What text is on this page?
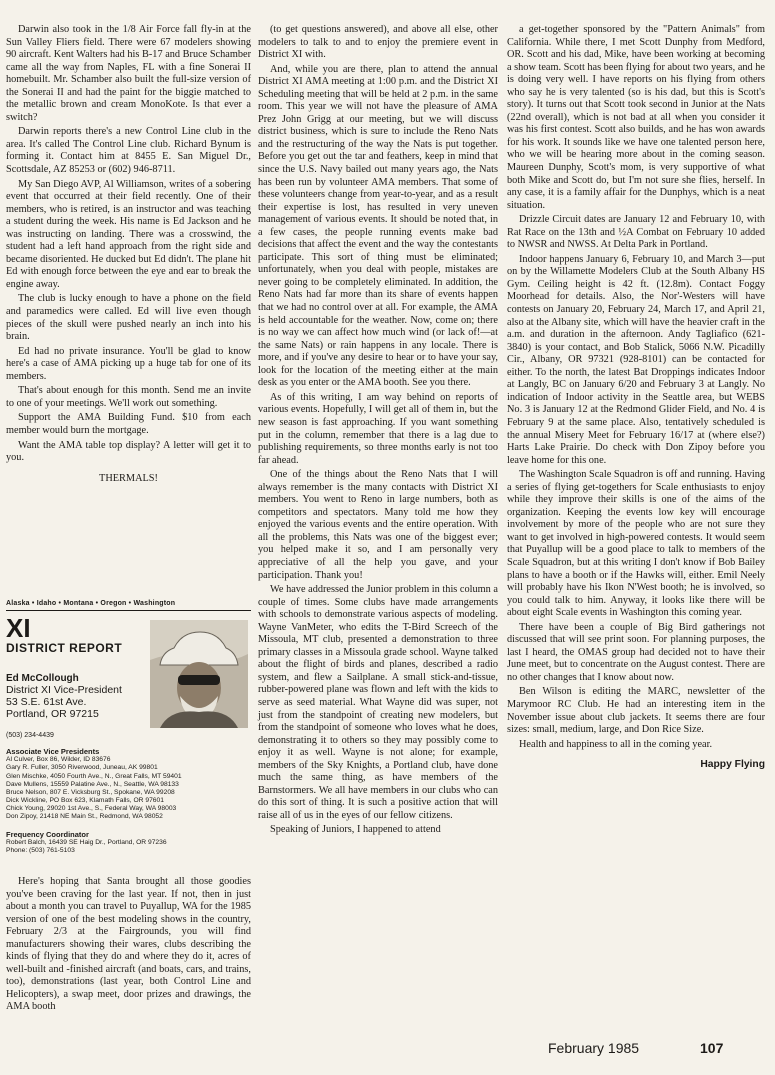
Darwin also took in the 1/8 Air Force fall fly-in at the Sun Valley Fliers field. There were 67 modelers showing 90 aircraft. Kent Walters had his B-17 and Bruce Schamber came all the way from Naples, FL with a fine Sonerai II homebuilt. Mr. Schamber also built the full-size version of the Sonerai II and had the paint for the biggie matched to the metallic brown and cream MonoKote. Is that ever a switch?

Darwin reports there's a new Control Line club in the area. It's called The Control Line club. Richard Bynum is forming it. Contact him at 8455 E. San Miguel Dr., Scottsdale, AZ 85253 or (602) 946-8711.

My San Diego AVP, Al Williamson, writes of a sobering event that occurred at their field recently. One of their members, who is retired, is an instructor and was teaching a student during the week. His name is Ed Jackson and he was instructing on landing. There was a crosswind, the student had a left hand approach from the right side and became disoriented. He ducked but Ed didn't. The plane hit Ed with enough force between the eye and ear to break the engine away.

The club is lucky enough to have a phone on the field and paramedics were called. Ed will live even though pieces of the skull were pushed nearly an inch into his brain.

Ed had no private insurance. You'll be glad to know here's a case of AMA picking up a huge tab for one of its members.

That's about enough for this month. Send me an invite to one of your meetings. We'll work out something.

Support the AMA Building Fund. $10 from each member would burn the mortgage.

Want the AMA table top display? A letter will get it to you.

THERMALS!

Alaska • Idaho • Montana • Oregon • Washington
XI
DISTRICT REPORT
Ed McCollough
District XI Vice-President
53 S.E. 61st Ave.
Portland, OR 97215
(503) 234-4439
Associate Vice Presidents
Al Culver, Box 86, Wilder, ID 83676
Gary R. Fuller, 3050 Riverwood, Juneau, AK 99801
Glen Mischke, 4050 Fourth Ave., N., Great Falls, MT 59401
Dave Mullens, 15559 Palatine Ave., N., Seattle, WA 98133
Bruce Nelson, 807 E. Vicksburg St., Spokane, WA 99208
Dick Wickline, PO Box 623, Klamath Falls, OR 97601
Chick Young, 29020 1st Ave., S., Federal Way, WA 98003
Don Zipoy, 21418 NE Main St., Redmond, WA 98052
Frequency Coordinator
Robert Balch, 16439 SE Haig Dr., Portland, OR 97236
Phone: (503) 761-5103

Here's hoping that Santa brought all those goodies you've been craving for the last year. If not, then in just about a month you can travel to Puyallup, WA for the 1985 version of one of the best modeling shows in the country, February 2/3 at the Fairgrounds, you will find manufacturers showing their wares, clubs describing the kinds of flying that they do and where they do it, acres of well-built and -finished aircraft (and boats, cars, and trains, too), demonstrations (last year, both Control Line and Helicopters), a swap meet, door prizes and drawings, the AMA booth

(to get questions answered), and above all else, other modelers to talk to and to enjoy the premiere event in District XI with.

And, while you are there, plan to attend the annual District XI AMA meeting at 1:00 p.m. and the District XI Scheduling meeting that will be held at 2 p.m. in the same room. This year we will not have the pleasure of AMA Prez John Grigg at our meeting, but we will discuss district business, which is sure to include the Reno Nats and the restructuring of the way the Nats is put together. Before you get out the tar and feathers, keep in mind that since the U.S. Navy bailed out many years ago, the Nats has been run by volunteer AMA members. That some of these volunteers change from year-to-year, and as a result their expertise is lost, has resulted in very uneven management of various events. It should be noted that, in a few cases, the people running events make bad decisions that affect the event and the way the contestants participate. This sort of thing must be eliminated; unfortunately, when you deal with people, mistakes are never going to be completely eliminated. In addition, the Reno Nats had far more than its share of events happen that we had no control over at all. For example, the AMA is held accountable for the weather. Now, come on; there is no way we can affect how much wind (or lack of!—at the same Nats) or rain happens in any locale. There is more, and if you've any desire to hear or to have your say, look for the location of the meeting either at the main desk as you enter or the AMA booth. See you there.

As of this writing, I am way behind on reports of various events. Hopefully, I will get all of them in, but the new season is fast approaching. If you want something put in the column, remember that there is a lag due to publishing requirements, so three months early is not too far ahead.

One of the things about the Reno Nats that I will always remember is the many contacts with District XI members. You went to Reno in large numbers, both as competitors and spectators. Many told me how they enjoyed the various events and the entire operation. With all the problems, this Nats was one of the biggest ever; you helped make it so, and I am personally very appreciative of all the help you gave, and your participation. Thank you!

We have addressed the Junior problem in this column a couple of times. Some clubs have made arrangements with schools to demonstrate various aspects of modeling. Wayne VanMeter, who edits the T-Bird Screech of the Missoula, MT club, presented a demonstration to three primary classes in a Missoula grade school. Wayne talked about the flight of birds and planes, described a radio system, and flew a Sailplane. A small stick-and-tissue, rubber-powered plane was flown and left with the kids to serve as seed material. What Wayne did was super, not just from the standpoint of creating new modelers, but from the standpoint of someone who loves what he does, demonstrating it to others so they may possibly come to enjoy it as well. Wayne is not alone; for example, members of the Sky Knights, a Portland club, have done much the same thing, as have members of the Barnstormers. We all have members in our clubs who can do this sort of thing. It is such a positive action that will raise all of us in the eyes of our fellow citizens.

Speaking of Juniors, I happened to attend

a get-together sponsored by the "Pattern Animals" from California. While there, I met Scott Dunphy from Medford, OR. Scott and his dad, Mike, have been working at becoming a show team. Scott has been flying for about two years, and he is doing very well. I have reports on his flying from others who say he is very talented (so is his dad, but this is Scott's story). It turns out that Scott took second in Junior at the Nats (22nd overall), which is not bad at all when you consider it was his first contest. Scott also builds, and he has won awards for his work. It sounds like we have one talented person here, who we will be hearing more about in the coming season. Maureen Dunphy, Scott's mom, is very supportive of what both Mike and Scott do, but I'm not sure she flies, herself. In any case, it is a family affair for the Dunphys, which is a neat situation.

Drizzle Circuit dates are January 12 and February 10, with Rat Race on the 13th and ½A Combat on February 10 added to NWSR and NWSS. At Delta Park in Portland.

Indoor happens January 6, February 10, and March 3—put on by the Willamette Modelers Club at the South Albany HS Gym. Ceiling height is 42 ft. (12.8m). Contact Foggy Moorhead for details. Also, the Nor'-Westers will have contests on January 20, February 24, March 17, and April 21, also at the Albany site, which will have the heavier craft in the a.m. and duration in the afternoon. Andy Tagliafico (621-3840) is your contact, and Bob Stalick, 5066 N.W. Picadilly Cir., Albany, OR 97321 (928-8101) can be contacted for either. To the north, the latest Bat Droppings indicates Indoor at Langly, BC on January 6/20 and February 3 at Langly. No indication of Indoor activity in the Seattle area, but WEBS No. 3 is January 12 at the Redmond Glider Field, and No. 4 is February 9 at the same place. Also, tentatively scheduled is the annual Misery Meet for February 16/17 at (where else?) Harts Lake Prairie. Do check with Don Zipoy before you leave home for this one.

The Washington Scale Squadron is off and running. Having a series of flying get-togethers for Scale enthusiasts to enjoy while they improve their skills is one of the aims of the organization. Keeping the events low key will encourage involvement by more of the people who are not sure they want to get involved in high-powered contests. It would seem that Puyallup will be a good place to talk to members of the Scale Squadron, but at this writing I don't know if Bob Bailey plans to have a booth or if the Hawks will, either. Emil Neely will probably have his Ikon N'West booth; he is involved, so you could talk to him. Anyway, it looks like there will be about eight Scale events in Washington this coming year.

There have been a couple of Big Bird gatherings not discussed that will see print soon. For planning purposes, the last I heard, the OMAS group had decided not to have their June meet, but to concentrate on the August contest. There are no other changes that I know about now.

Ben Wilson is editing the MARC, newsletter of the Marymoor RC Club. He had an interesting item in the November issue about club jackets. It seems there are four sizes: small, medium, large, and Don Rice Size.

Health and happiness to all in the coming year.

Happy Flying

February 1985	107
